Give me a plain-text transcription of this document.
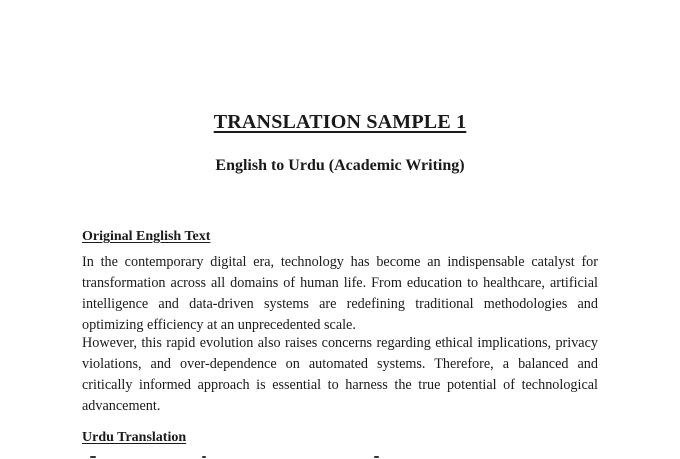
TRANSLATION SAMPLE 1
English to Urdu (Academic Writing)
Original English Text

In the contemporary digital era, technology has become an indispensable catalyst for transformation across all domains of human life. From education to healthcare, artificial intelligence and data-driven systems are redefining traditional methodologies and optimizing efficiency at an unprecedented scale.

However, this rapid evolution also raises concerns regarding ethical implications, privacy violations, and over-dependence on automated systems. Therefore, a balanced and critically informed approach is essential to harness the true potential of technological advancement.

Urdu Translation
